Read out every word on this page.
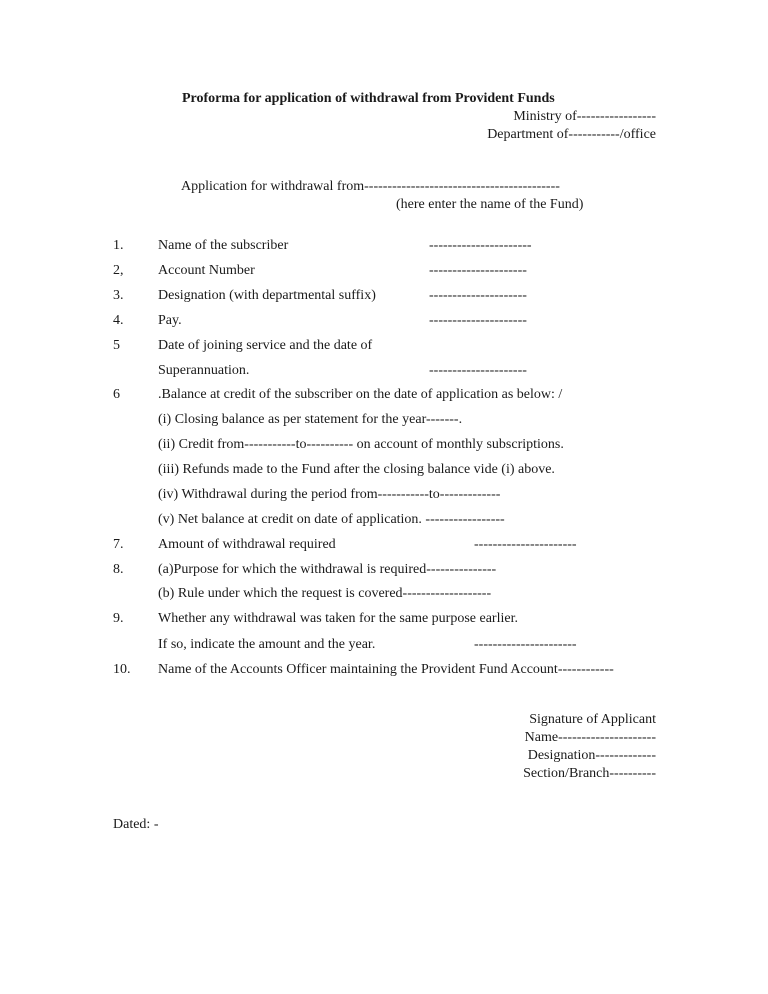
Proforma for application of withdrawal from Provident Funds
Ministry of-----------------
Department of-----------/office
Application for withdrawal from------------------------------------------
(here enter the name of the Fund)
1. Name of the subscriber	----------------------
2, Account Number	---------------------
3. Designation (with departmental suffix)	---------------------
4. Pay.	---------------------
5	Date of joining service and the date of
Superannuation.	---------------------
6	.Balance at credit of the subscriber on the date of application as below: /
(i) Closing balance as per statement for the year-------.
(ii) Credit from-----------to---------- on account of monthly subscriptions.
(iii) Refunds made to the Fund after the closing balance vide (i) above.
(iv) Withdrawal during the period from-----------to-------------
(v) Net balance at credit on date of application. -----------------
7. Amount of withdrawal required	----------------------
8. (a)Purpose for which the withdrawal is required---------------
(b) Rule under which the request is covered-------------------
9. Whether any withdrawal was taken for the same purpose earlier.
If so, indicate the amount and the year.	----------------------
10. Name of the Accounts Officer maintaining the Provident Fund Account------------
Signature of Applicant
Name---------------------
Designation-------------
Section/Branch----------
Dated: -
